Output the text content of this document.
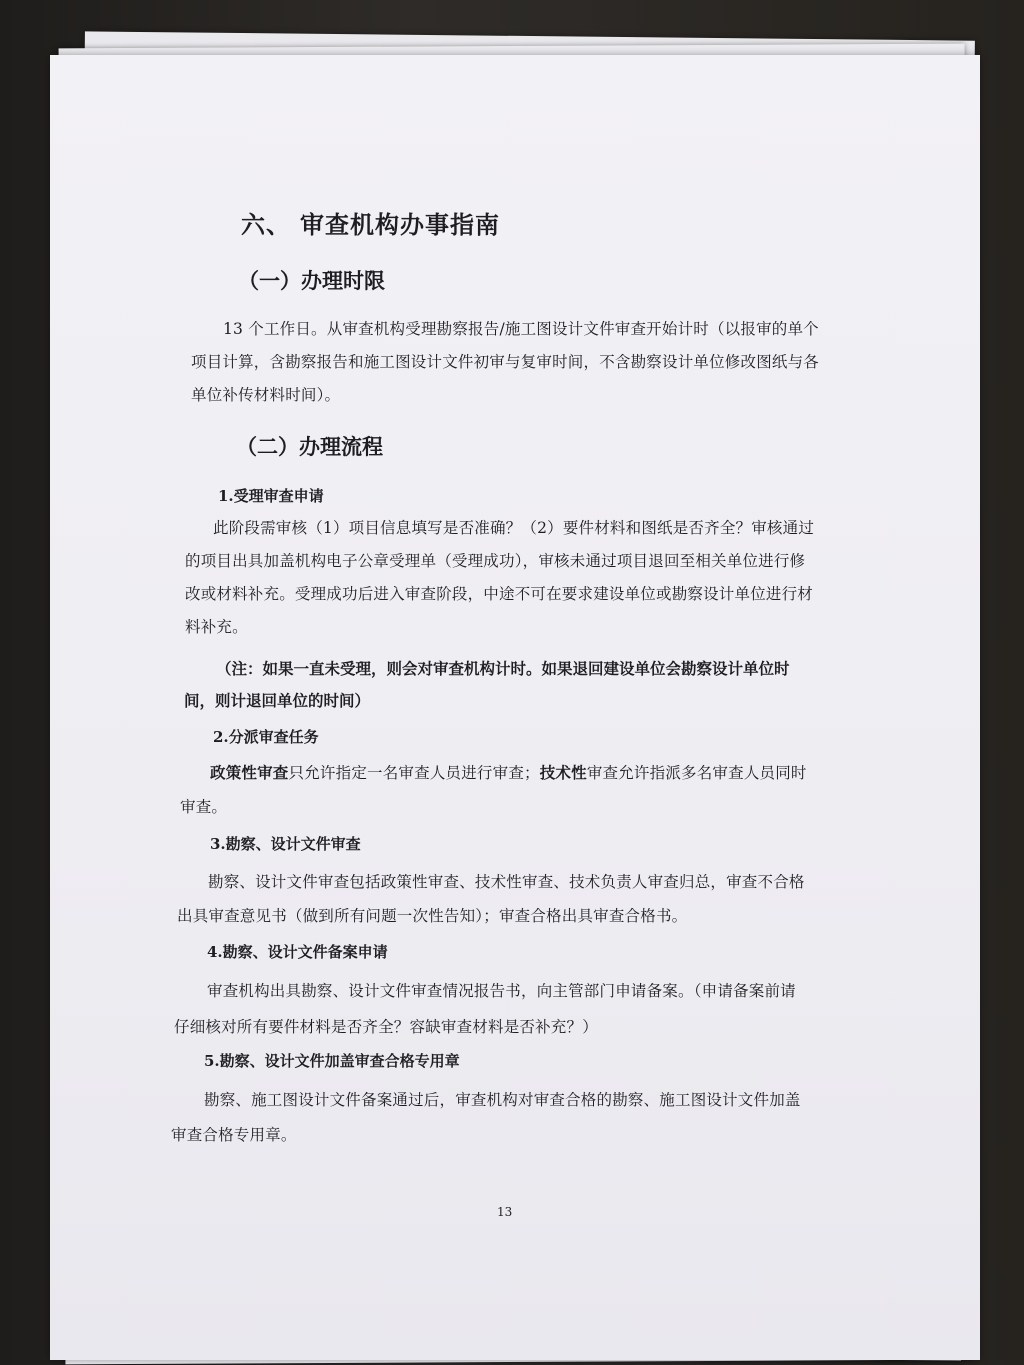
六、 审查机构办事指南
（一）办理时限
13 个工作日。从审查机构受理勘察报告/施工图设计文件审查开始计时（以报审的单个
项目计算，含勘察报告和施工图设计文件初审与复审时间，不含勘察设计单位修改图纸与各
单位补传材料时间）。
（二）办理流程
1.受理审查申请
此阶段需审核（1）项目信息填写是否准确？（2）要件材料和图纸是否齐全？审核通过
的项目出具加盖机构电子公章受理单（受理成功），审核未通过项目退回至相关单位进行修
改或材料补充。受理成功后进入审查阶段，中途不可在要求建设单位或勘察设计单位进行材
料补充。
（注：如果一直未受理，则会对审查机构计时。如果退回建设单位会勘察设计单位时
间，则计退回单位的时间）
2.分派审查任务
政策性审查只允许指定一名审查人员进行审查；技术性审查允许指派多名审查人员同时
审查。
3.勘察、设计文件审查
勘察、设计文件审查包括政策性审查、技术性审查、技术负责人审查归总，审查不合格
出具审查意见书（做到所有问题一次性告知）；审查合格出具审查合格书。
4.勘察、设计文件备案申请
审查机构出具勘察、设计文件审查情况报告书，向主管部门申请备案。（申请备案前请
仔细核对所有要件材料是否齐全？容缺审查材料是否补充？）
5.勘察、设计文件加盖审查合格专用章
勘察、施工图设计文件备案通过后，审查机构对审查合格的勘察、施工图设计文件加盖
审查合格专用章。
13
